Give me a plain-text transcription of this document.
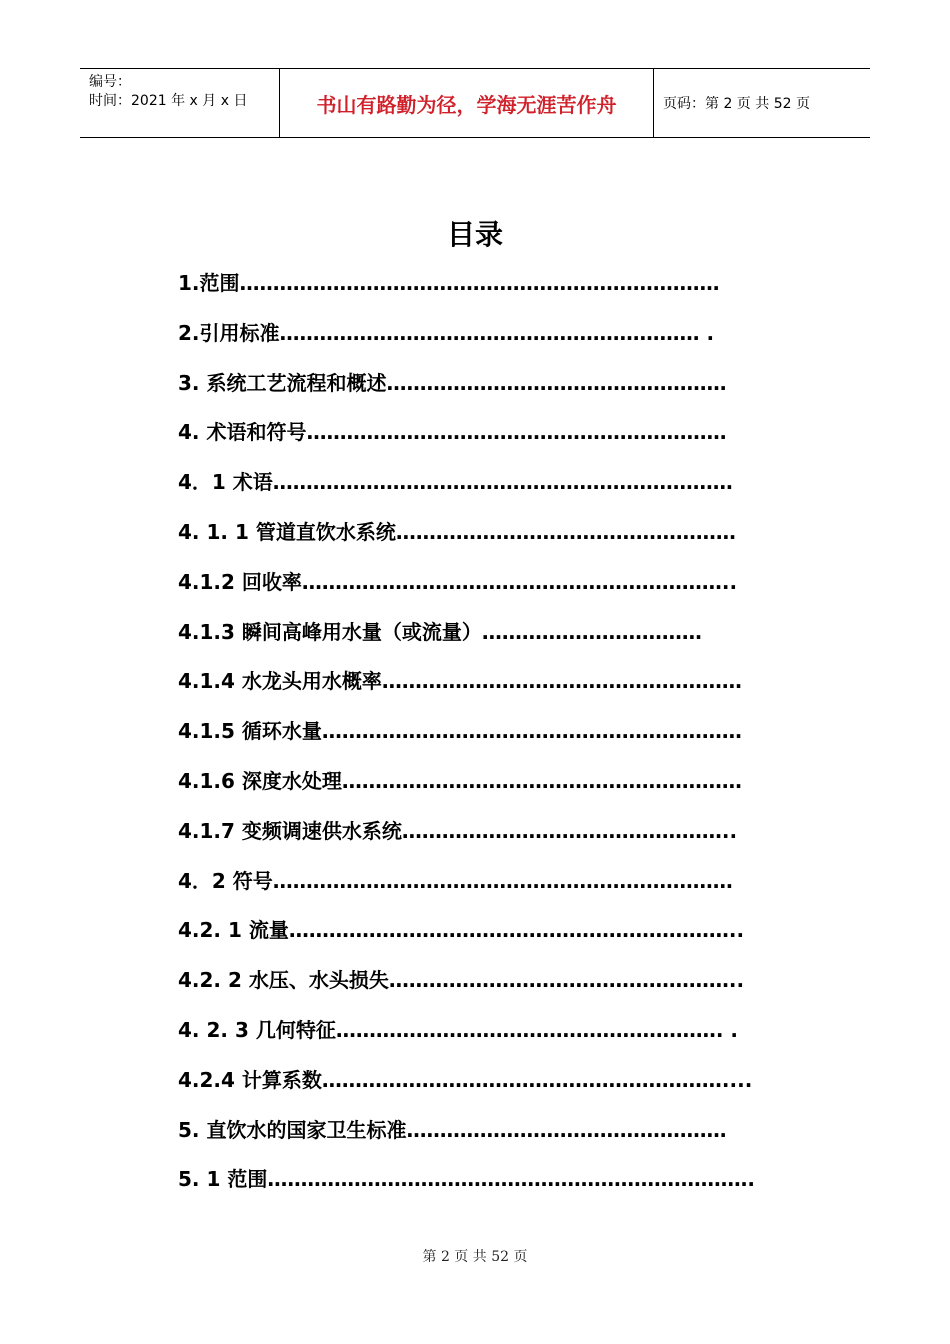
编号：
时间：2021 年 x 月 x 日	书山有路勤为径，学海无涯苦作舟	页码：第 2 页 共 52 页
目录
1.范围………………………………………………………………
2.引用标准……………………………………………………… .
3. 系统工艺流程和概述……………………………………………
4. 术语和符号………………………………………………………
4．1 术语……………………………………………………………
4. 1. 1 管道直饮水系统……………………………………………
4.1.2 回收率………………………………………………………..
4.1.3 瞬间高峰用水量（或流量）……………………………
4.1.4 水龙头用水概率………………………………………………
4.1.5 循环水量………………………………………………………
4.1.6 深度水处理……………………………………………………
4.1.7 变频调速供水系统…………………………………………..
4．2 符号……………………………………………………………
4.2. 1 流量…………………………………………………………..
4.2. 2 水压、水头损失……………………………………………..
4. 2. 3 几何特征…………………………………………………. .
4.2.4 计算系数……………………………………………………....
5. 直饮水的国家卫生标准…………………………………………
5. 1 范围……………………………………………………………….
第 2 页 共 52 页
